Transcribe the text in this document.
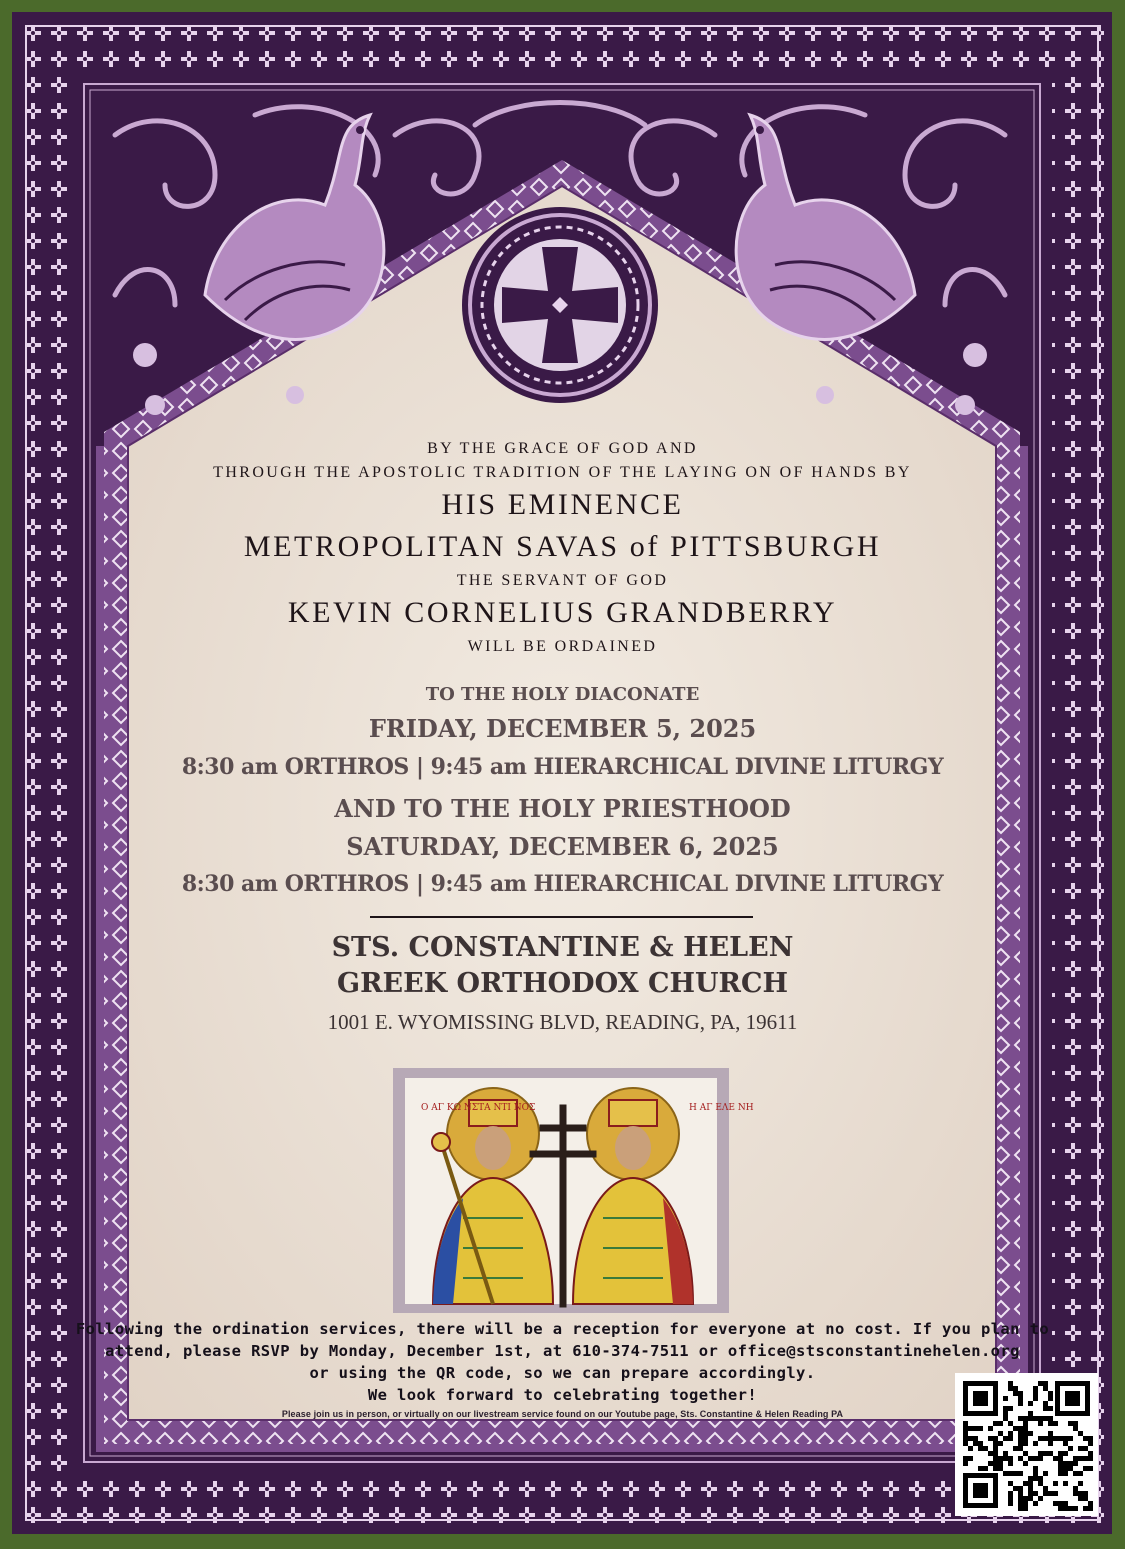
BY THE GRACE OF GOD AND
THROUGH THE APOSTOLIC TRADITION OF THE LAYING ON OF HANDS BY
HIS EMINENCE
METROPOLITAN SAVAS of PITTSBURGH
THE SERVANT OF GOD
KEVIN CORNELIUS GRANDBERRY
WILL BE ORDAINED
TO THE HOLY DIACONATE
FRIDAY, DECEMBER 5, 2025
8:30 am ORTHROS | 9:45 am HIERARCHICAL DIVINE LITURGY
AND TO THE HOLY PRIESTHOOD
SATURDAY, DECEMBER 6, 2025
8:30 am ORTHROS | 9:45 am HIERARCHICAL DIVINE LITURGY
STS. CONSTANTINE & HELEN
GREEK ORTHODOX CHURCH
1001 E. WYOMISSING BLVD, READING, PA, 19611
Ο ΑΓ ΚΩ ΝΣΤΑ ΝΤΙ ΝΟΣ	Η ΑΓ ΕΛΕ ΝΗ
Following the ordination services, there will be a reception for everyone at no cost. If you plan to
attend, please RSVP by Monday, December 1st, at 610-374-7511 or office@stsconstantinehelen.org
or using the QR code, so we can prepare accordingly.
We look forward to celebrating together!
Please join us in person, or virtually on our livestream service found on our Youtube page, Sts. Constantine & Helen Reading PA
